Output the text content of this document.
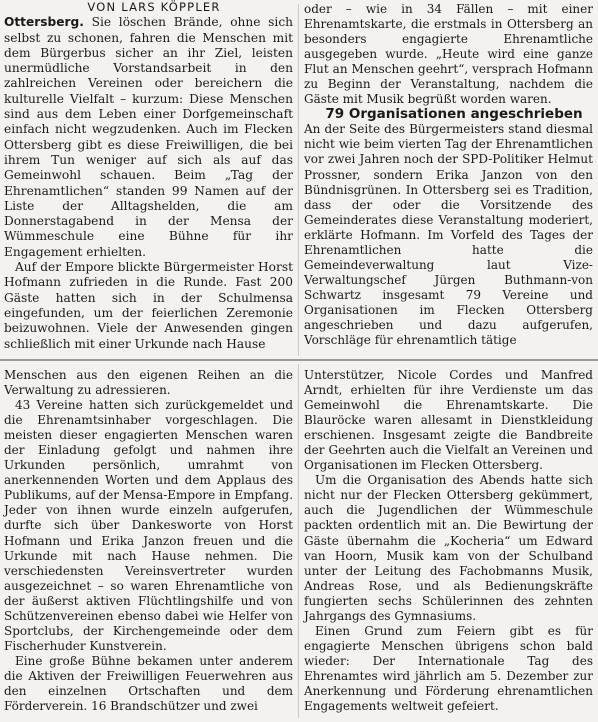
VON LARS KÖPPLER

Ottersberg. Sie löschen Brände, ohne sich selbst zu schonen, fahren die Menschen mit dem Bürgerbus sicher an ihr Ziel, leisten unermüdliche Vorstandsarbeit in den zahlreichen Vereinen oder bereichern die kulturelle Vielfalt – kurzum: Diese Menschen sind aus dem Leben einer Dorfgemeinschaft einfach nicht wegzudenken. Auch im Flecken Ottersberg gibt es diese Freiwilligen, die bei ihrem Tun weniger auf sich als auf das Gemeinwohl schauen. Beim „Tag der Ehrenamtlichen“ standen 99 Namen auf der Liste der Alltagshelden, die am Donnerstagabend in der Mensa der Wümmeschule eine Bühne für ihr Engagement erhielten.

Auf der Empore blickte Bürgermeister Horst Hofmann zufrieden in die Runde. Fast 200 Gäste hatten sich in der Schulmensa eingefunden, um der feierlichen Zeremonie beizuwohnen. Viele der Anwesenden gingen schließlich mit einer Urkunde nach Hause

oder – wie in 34 Fällen – mit einer Ehrenamtskarte, die erstmals in Ottersberg an besonders engagierte Ehrenamtliche ausgegeben wurde. „Heute wird eine ganze Flut an Menschen geehrt“, versprach Hofmann zu Beginn der Veranstaltung, nachdem die Gäste mit Musik begrüßt worden waren.

79 Organisationen angeschrieben

An der Seite des Bürgermeisters stand diesmal nicht wie beim vierten Tag der Ehrenamtlichen vor zwei Jahren noch der SPD-Politiker Helmut Prossner, sondern Erika Janzon von den Bündnisgrünen. In Ottersberg sei es Tradition, dass der oder die Vorsitzende des Gemeinderates diese Veranstaltung moderiert, erklärte Hofmann. Im Vorfeld des Tages der Ehrenamtlichen hatte die Gemeindeverwaltung laut Vize-Verwaltungschef Jürgen Buthmann-von Schwartz insgesamt 79 Vereine und Organisationen im Flecken Ottersberg angeschrieben und dazu aufgerufen, Vorschläge für ehrenamtlich tätige

Menschen aus den eigenen Reihen an die Verwaltung zu adressieren.

43 Vereine hatten sich zurückgemeldet und die Ehrenamtsinhaber vorgeschlagen. Die meisten dieser engagierten Menschen waren der Einladung gefolgt und nahmen ihre Urkunden persönlich, umrahmt von anerkennenden Worten und dem Applaus des Publikums, auf der Mensa-Empore in Empfang. Jeder von ihnen wurde einzeln aufgerufen, durfte sich über Dankesworte von Horst Hofmann und Erika Janzon freuen und die Urkunde mit nach Hause nehmen. Die verschiedensten Vereinsvertreter wurden ausgezeichnet – so waren Ehrenamtliche von der äußerst aktiven Flüchtlingshilfe und von Schützenvereinen ebenso dabei wie Helfer von Sportclubs, der Kirchengemeinde oder dem Fischerhuder Kunstverein.

Eine große Bühne bekamen unter anderem die Aktiven der Freiwilligen Feuerwehren aus den einzelnen Ortschaften und dem Förderverein. 16 Brandschützer und zwei

Unterstützer, Nicole Cordes und Manfred Arndt, erhielten für ihre Verdienste um das Gemeinwohl die Ehrenamtskarte. Die Blauröcke waren allesamt in Dienstkleidung erschienen. Insgesamt zeigte die Bandbreite der Geehrten auch die Vielfalt an Vereinen und Organisationen im Flecken Ottersberg.

Um die Organisation des Abends hatte sich nicht nur der Flecken Ottersberg gekümmert, auch die Jugendlichen der Wümmeschule packten ordentlich mit an. Die Bewirtung der Gäste übernahm die „Kocheria“ um Edward van Hoorn, Musik kam von der Schulband unter der Leitung des Fachobmanns Musik, Andreas Rose, und als Bedienungskräfte fungierten sechs Schülerinnen des zehnten Jahrgangs des Gymnasiums.

Einen Grund zum Feiern gibt es für engagierte Menschen übrigens schon bald wieder: Der Internationale Tag des Ehrenamtes wird jährlich am 5. Dezember zur Anerkennung und Förderung ehrenamtlichen Engagements weltweit gefeiert.
